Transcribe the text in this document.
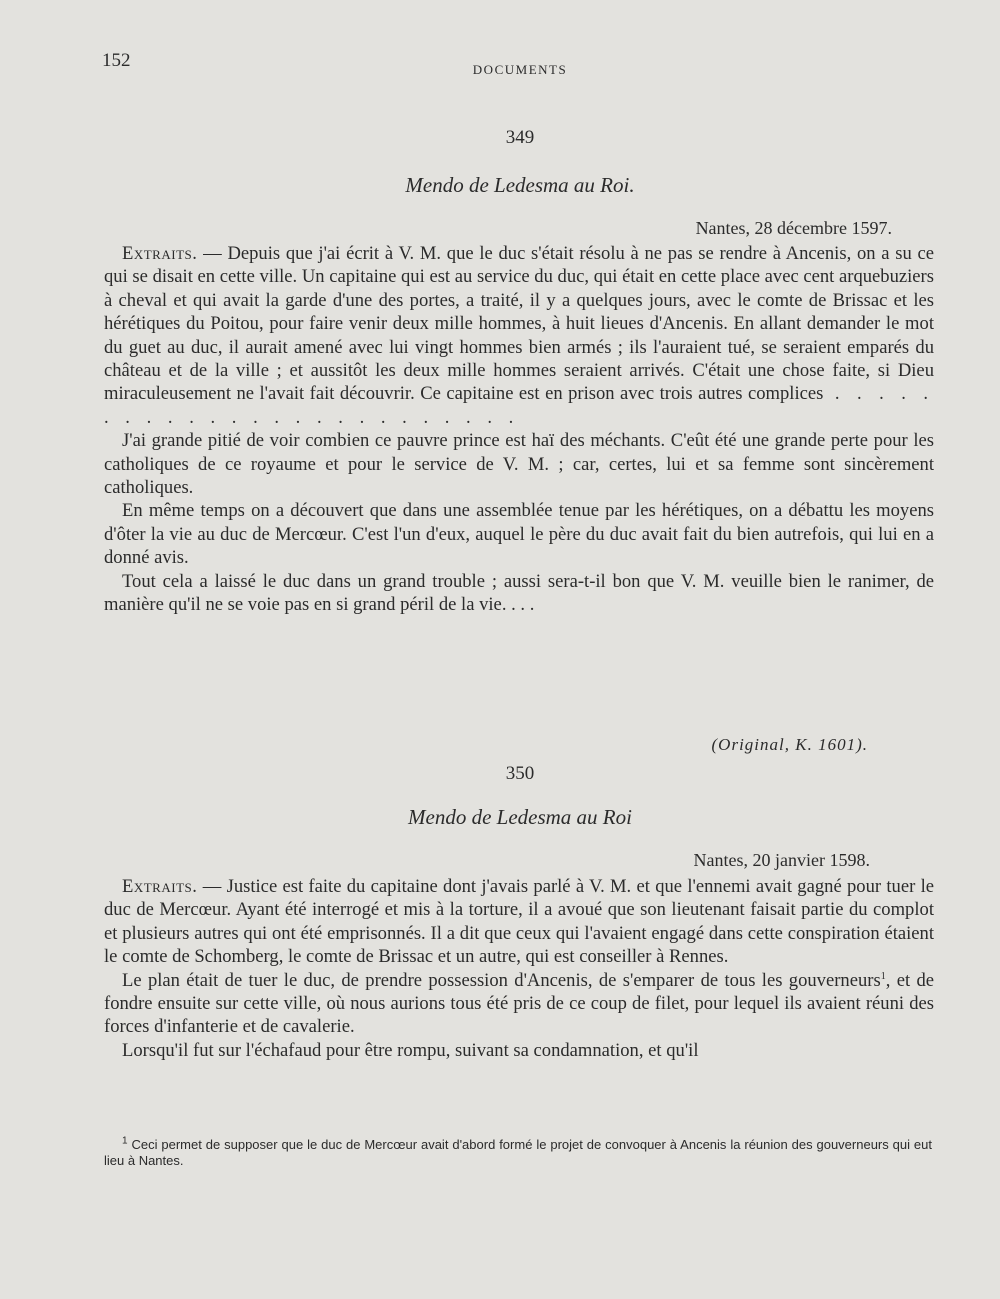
152	DOCUMENTS
349
Mendo de Ledesma au Roi.
Nantes, 28 décembre 1597.

Extraits. — Depuis que j'ai écrit à V. M. que le duc s'était résolu à ne pas se rendre à Ancenis, on a su ce qui se disait en cette ville. Un capitaine qui est au service du duc, qui était en cette place avec cent arquebuziers à cheval et qui avait la garde d'une des portes, a traité, il y a quelques jours, avec le comte de Brissac et les hérétiques du Poitou, pour faire venir deux mille hommes, à huit lieues d'Ancenis. En allant demander le mot du guet au duc, il aurait amené avec lui vingt hommes bien armés ; ils l'auraient tué, se seraient emparés du château et de la ville ; et aussitôt les deux mille hommes seraient arrivés. C'était une chose faite, si Dieu miraculeusement ne l'avait fait découvrir. Ce capitaine est en prison avec trois autres complices . . . . . . . . . . . . . . . . . . . . . . . . .

J'ai grande pitié de voir combien ce pauvre prince est haï des méchants. C'eût été une grande perte pour les catholiques de ce royaume et pour le service de V. M. ; car, certes, lui et sa femme sont sincèrement catholiques.

En même temps on a découvert que dans une assemblée tenue par les hérétiques, on a débattu les moyens d'ôter la vie au duc de Mercœur. C'est l'un d'eux, auquel le père du duc avait fait du bien autrefois, qui lui en a donné avis.

Tout cela a laissé le duc dans un grand trouble ; aussi sera-t-il bon que V. M. veuille bien le ranimer, de manière qu'il ne se voie pas en si grand péril de la vie. . . .

(Original, K. 1601).
350
Mendo de Ledesma au Roi
Nantes, 20 janvier 1598.

Extraits. — Justice est faite du capitaine dont j'avais parlé à V. M. et que l'ennemi avait gagné pour tuer le duc de Mercœur. Ayant été interrogé et mis à la torture, il a avoué que son lieutenant faisait partie du complot et plusieurs autres qui ont été emprisonnés. Il a dit que ceux qui l'avaient engagé dans cette conspiration étaient le comte de Schomberg, le comte de Brissac et un autre, qui est conseiller à Rennes.

Le plan était de tuer le duc, de prendre possession d'Ancenis, de s'emparer de tous les gouverneurs$^1$, et de fondre ensuite sur cette ville, où nous aurions tous été pris de ce coup de filet, pour lequel ils avaient réuni des forces d'infanterie et de cavalerie.

Lorsqu'il fut sur l'échafaud pour être rompu, suivant sa condamnation, et qu'il

$^1$ Ceci permet de supposer que le duc de Mercœur avait d'abord formé le projet de convoquer à Ancenis la réunion des gouverneurs qui eut lieu à Nantes.
